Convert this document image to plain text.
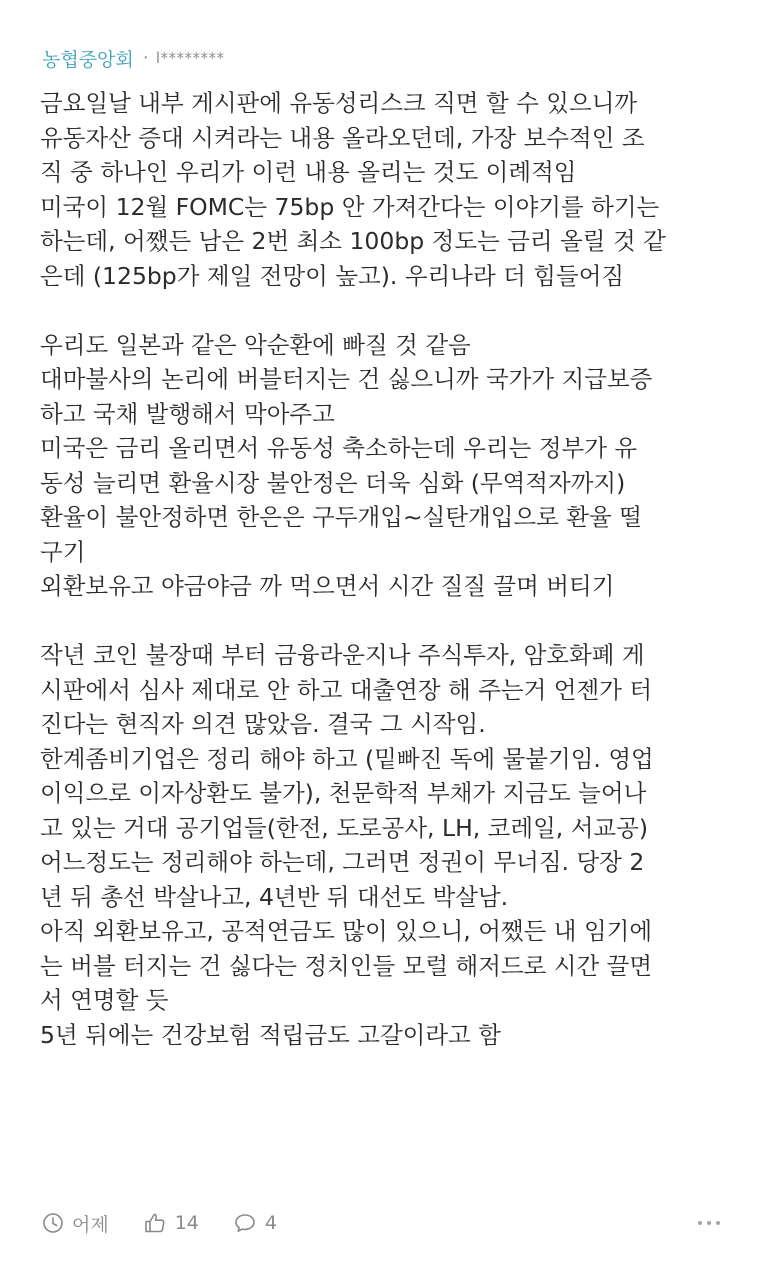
농협중앙회 · l********
금요일날 내부 게시판에 유동성리스크 직면 할 수 있으니까
유동자산 증대 시켜라는 내용 올라오던데, 가장 보수적인 조
직 중 하나인 우리가 이런 내용 올리는 것도 이례적임
미국이 12월 FOMC는 75bp 안 가져간다는 이야기를 하기는
하는데, 어쨌든 남은 2번 최소 100bp 정도는 금리 올릴 것 같
은데 (125bp가 제일 전망이 높고). 우리나라 더 힘들어짐
우리도 일본과 같은 악순환에 빠질 것 같음
대마불사의 논리에 버블터지는 건 싫으니까 국가가 지급보증
하고 국채 발행해서 막아주고
미국은 금리 올리면서 유동성 축소하는데 우리는 정부가 유
동성 늘리면 환율시장 불안정은 더욱 심화 (무역적자까지)
환율이 불안정하면 한은은 구두개입~실탄개입으로 환율 떨
구기
외환보유고 야금야금 까 먹으면서 시간 질질 끌며 버티기
작년 코인 불장때 부터 금융라운지나 주식투자, 암호화폐 게
시판에서 심사 제대로 안 하고 대출연장 해 주는거 언젠가 터
진다는 현직자 의견 많았음. 결국 그 시작임.
한계좀비기업은 정리 해야 하고 (밑빠진 독에 물붙기임. 영업
이익으로 이자상환도 불가), 천문학적 부채가 지금도 늘어나
고 있는 거대 공기업들(한전, 도로공사, LH, 코레일, 서교공)
어느정도는 정리해야 하는데, 그러면 정권이 무너짐. 당장 2
년 뒤 총선 박살나고, 4년반 뒤 대선도 박살남.
아직 외환보유고, 공적연금도 많이 있으니, 어쨌든 내 임기에
는 버블 터지는 건 싫다는 정치인들 모럴 해저드로 시간 끌면
서 연명할 듯
5년 뒤에는 건강보험 적립금도 고갈이라고 함
어제	14	4
